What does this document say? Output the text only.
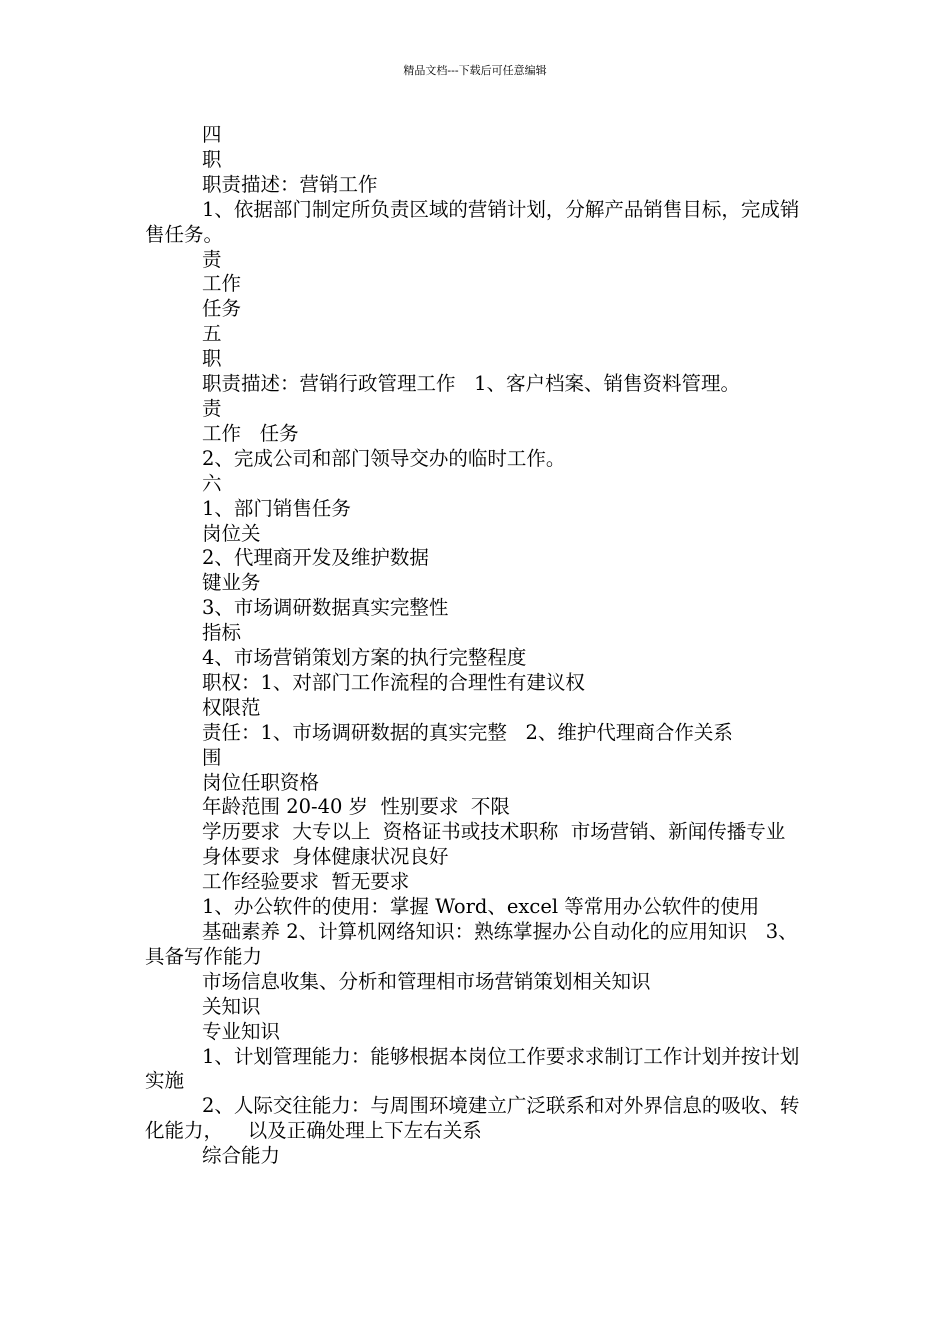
精品文档---下载后可任意编辑

四

职

职责描述：营销工作

1、依据部门制定所负责区域的营销计划，分解产品销售目标，完成销售任务。

责

工作

任务

五

职

职责描述：营销行政管理工作   1、客户档案、销售资料管理。

责

工作   任务

2、完成公司和部门领导交办的临时工作。

六

1、部门销售任务

岗位关

2、代理商开发及维护数据

键业务

3、市场调研数据真实完整性

指标

4、市场营销策划方案的执行完整程度

职权：1、对部门工作流程的合理性有建议权

权限范

责任：1、市场调研数据的真实完整   2、维护代理商合作关系

围

岗位任职资格

年龄范围 20-40 岁  性别要求  不限

学历要求  大专以上  资格证书或技术职称  市场营销、新闻传播专业

身体要求  身体健康状况良好

工作经验要求  暂无要求

1、办公软件的使用：掌握 Word、excel 等常用办公软件的使用

基础素养 2、计算机网络知识：熟练掌握办公自动化的应用知识   3、具备写作能力

市场信息收集、分析和管理相市场营销策划相关知识

关知识

专业知识

1、计划管理能力：能够根据本岗位工作要求求制订工作计划并按计划实施

2、人际交往能力：与周围环境建立广泛联系和对外界信息的吸收、转化能力，    以及正确处理上下左右关系

综合能力
